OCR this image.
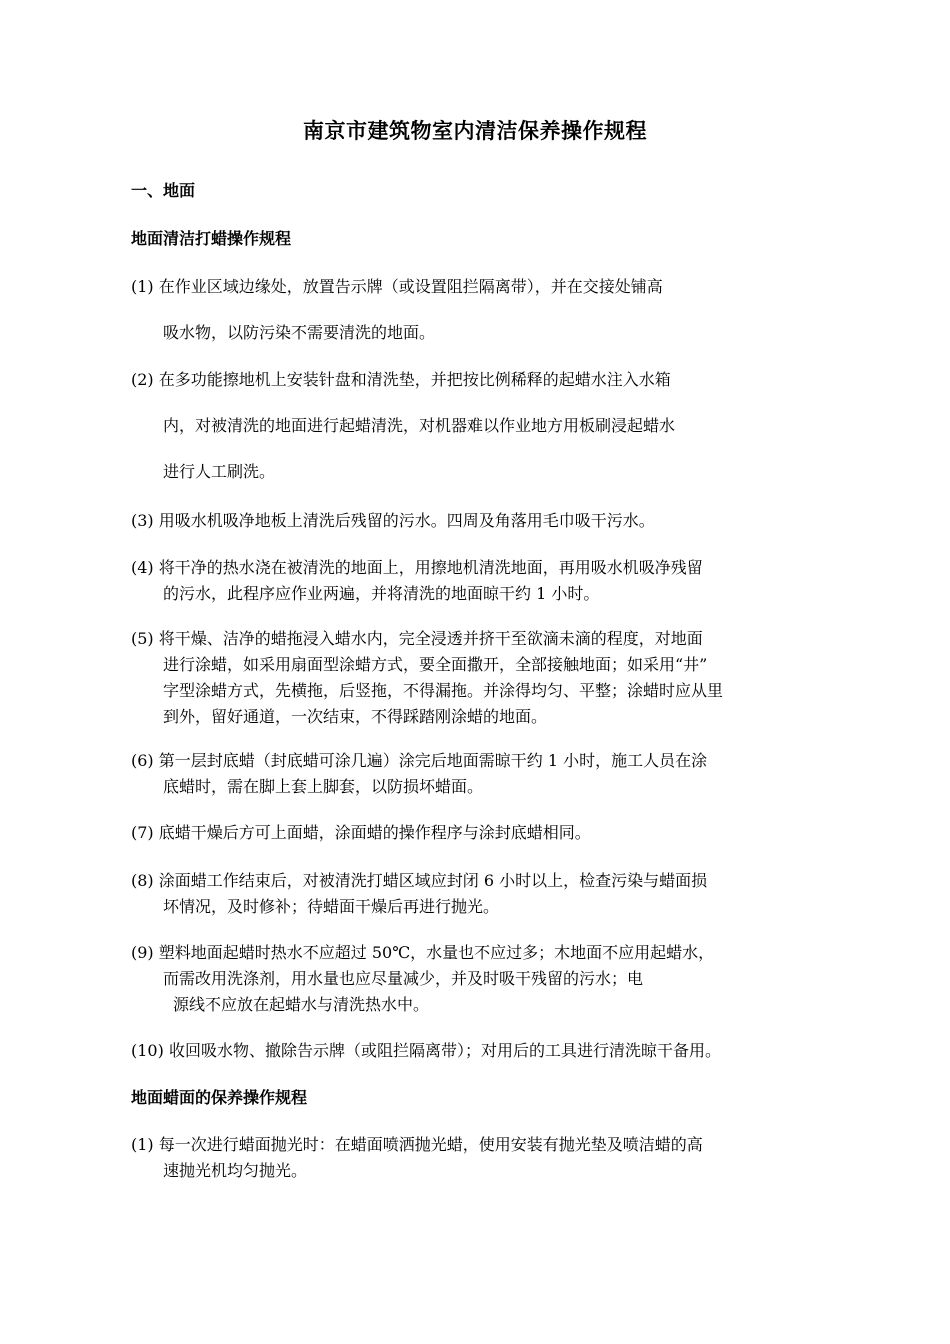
南京市建筑物室内清洁保养操作规程
一、地面
地面清洁打蜡操作规程
(1) 在作业区域边缘处，放置告示牌（或设置阻拦隔离带），并在交接处铺高
吸水物，以防污染不需要清洗的地面。
(2) 在多功能擦地机上安装针盘和清洗垫，并把按比例稀释的起蜡水注入水箱
内，对被清洗的地面进行起蜡清洗，对机器难以作业地方用板刷浸起蜡水
进行人工刷洗。
(3) 用吸水机吸净地板上清洗后残留的污水。四周及角落用毛巾吸干污水。
(4) 将干净的热水浇在被清洗的地面上，用擦地机清洗地面，再用吸水机吸净残留
的污水，此程序应作业两遍，并将清洗的地面晾干约 1 小时。
(5) 将干燥、洁净的蜡拖浸入蜡水内，完全浸透并挤干至欲滴未滴的程度，对地面
进行涂蜡，如采用扇面型涂蜡方式，要全面撒开，全部接触地面；如采用“井”
字型涂蜡方式，先横拖，后竖拖，不得漏拖。并涂得均匀、平整；涂蜡时应从里
到外，留好通道，一次结束，不得踩踏刚涂蜡的地面。
(6) 第一层封底蜡（封底蜡可涂几遍）涂完后地面需晾干约 1 小时，施工人员在涂
底蜡时，需在脚上套上脚套，以防损坏蜡面。
(7) 底蜡干燥后方可上面蜡，涂面蜡的操作程序与涂封底蜡相同。
(8) 涂面蜡工作结束后，对被清洗打蜡区域应封闭 6 小时以上，检查污染与蜡面损
坏情况，及时修补；待蜡面干燥后再进行抛光。
(9) 塑料地面起蜡时热水不应超过 50℃，水量也不应过多；木地面不应用起蜡水，
而需改用洗涤剂，用水量也应尽量减少，并及时吸干残留的污水；电
源线不应放在起蜡水与清洗热水中。
(10) 收回吸水物、撤除告示牌（或阻拦隔离带）；对用后的工具进行清洗晾干备用。
地面蜡面的保养操作规程
(1) 每一次进行蜡面抛光时：在蜡面喷洒抛光蜡，使用安装有抛光垫及喷洁蜡的高
速抛光机均匀抛光。
